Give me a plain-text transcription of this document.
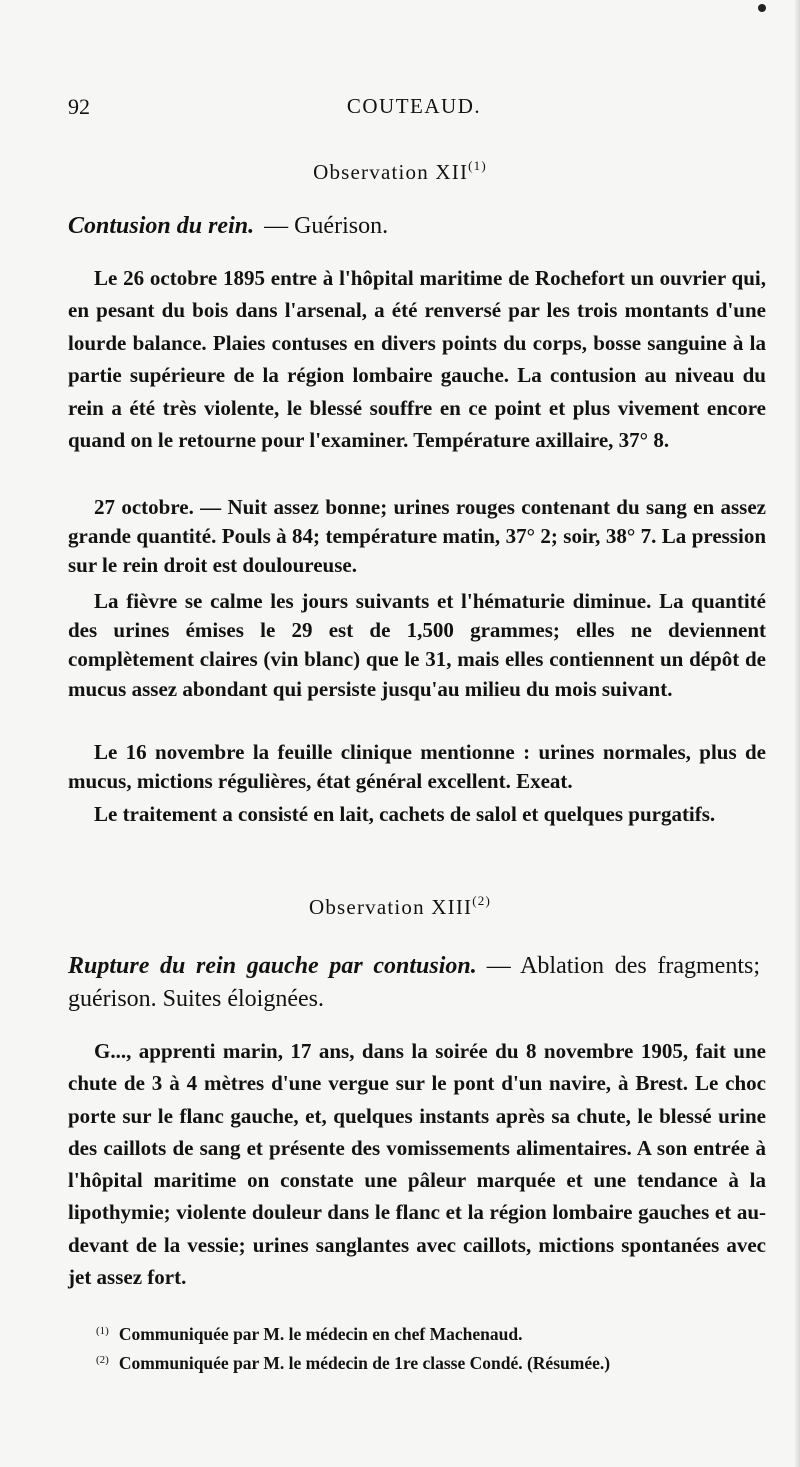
92	COUTEAUD.
Observation XII$^{(1)}$
Contusion du rein. — Guérison.

Le 26 octobre 1895 entre à l'hôpital maritime de Rochefort un ouvrier qui, en pesant du bois dans l'arsenal, a été renversé par les trois montants d'une lourde balance. Plaies contuses en divers points du corps, bosse sanguine à la partie supérieure de la région lombaire gauche. La contusion au niveau du rein a été très violente, le blessé souffre en ce point et plus vivement encore quand on le retourne pour l'examiner. Température axillaire, 37° 8.

27 octobre. — Nuit assez bonne; urines rouges contenant du sang en assez grande quantité. Pouls à 84; température matin, 37° 2; soir, 38° 7. La pression sur le rein droit est douloureuse.

La fièvre se calme les jours suivants et l'hématurie diminue. La quantité des urines émises le 29 est de 1,500 grammes; elles ne deviennent complètement claires (vin blanc) que le 31, mais elles contiennent un dépôt de mucus assez abondant qui persiste jusqu'au milieu du mois suivant.

Le 16 novembre la feuille clinique mentionne : urines normales, plus de mucus, mictions régulières, état général excellent. Exeat.

Le traitement a consisté en lait, cachets de salol et quelques purgatifs.

Observation XIII$^{(2)}$
Rupture du rein gauche par contusion. — Ablation des fragments; guérison. Suites éloignées.

G..., apprenti marin, 17 ans, dans la soirée du 8 novembre 1905, fait une chute de 3 à 4 mètres d'une vergue sur le pont d'un navire, à Brest. Le choc porte sur le flanc gauche, et, quelques instants après sa chute, le blessé urine des caillots de sang et présente des vomissements alimentaires. A son entrée à l'hôpital maritime on constate une pâleur marquée et une tendance à la lipothymie; violente douleur dans le flanc et la région lombaire gauches et au-devant de la vessie; urines sanglantes avec caillots, mictions spontanées avec jet assez fort.

$^{(1)}$ Communiquée par M. le médecin en chef Machenaud.
$^{(2)}$ Communiquée par M. le médecin de 1re classe Condé. (Résumée.)
